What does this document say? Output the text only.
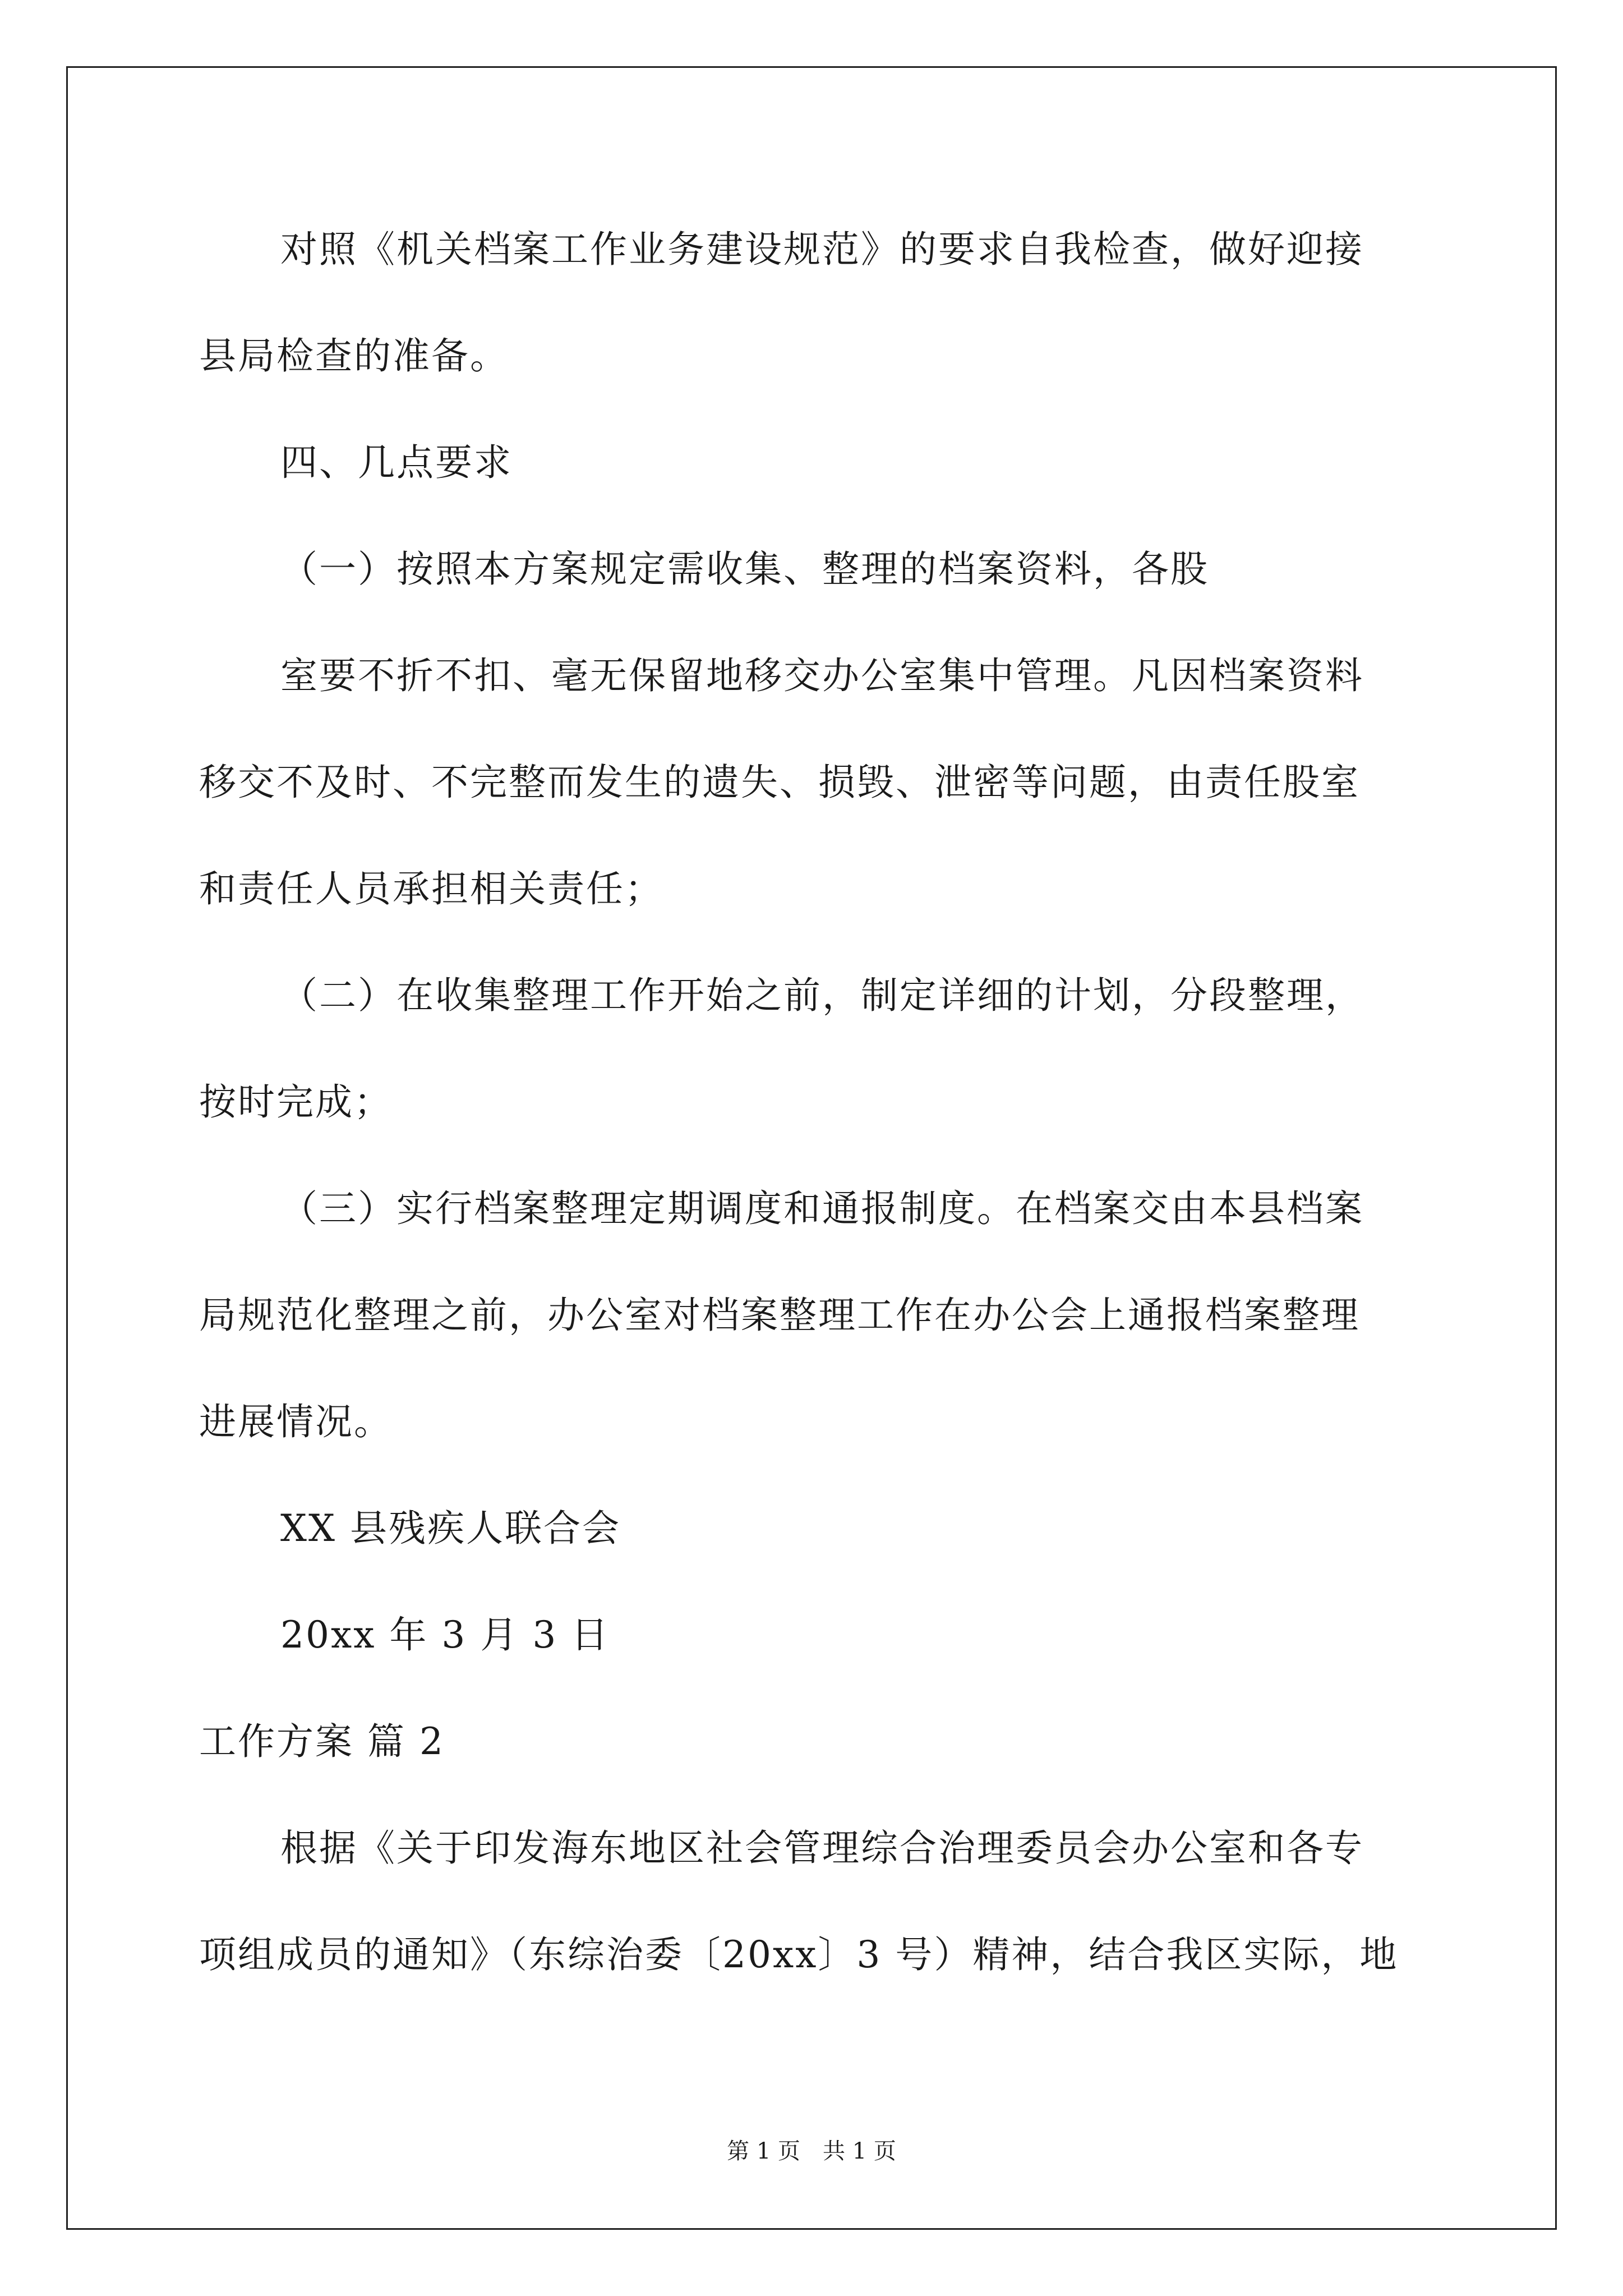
对照《机关档案工作业务建设规范》的要求自我检查，做好迎接
县局检查的准备。
四、几点要求
（一）按照本方案规定需收集、整理的档案资料，各股
室要不折不扣、毫无保留地移交办公室集中管理。凡因档案资料
移交不及时、不完整而发生的遗失、损毁、泄密等问题，由责任股室
和责任人员承担相关责任；
（二）在收集整理工作开始之前，制定详细的计划，分段整理，
按时完成；
（三）实行档案整理定期调度和通报制度。在档案交由本县档案
局规范化整理之前，办公室对档案整理工作在办公会上通报档案整理
进展情况。
XX 县残疾人联合会
20xx 年 3 月 3 日
工作方案 篇 2
根据《关于印发海东地区社会管理综合治理委员会办公室和各专
项组成员的通知》（东综治委〔20xx〕3 号）精神，结合我区实际，地
第 1 页 共 1 页
